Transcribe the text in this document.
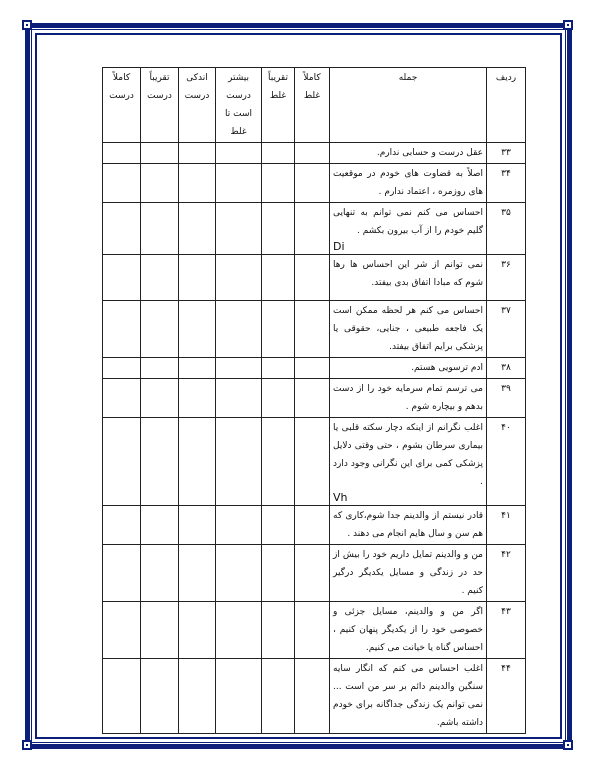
ردیف	جمله	کاملاً غلط	تقریباً غلط	بیشتر درست است تا غلط	اندکی درست	تقریباً درست	کاملاً درست
۳۳	عقل درست و حسابی ندارم.						
۳۴	اصلاً به قضاوت های خودم در موقعیت های روزمره ، اعتماد ندارم .						
۳۵	احساس می کنم نمی توانم به تنهایی گلیم خودم را از آب بیرون بکشم .
Di						

۳۶	نمی توانم از شر این احساس ها رها شوم که مبادا اتفاق بدی بیفتد.						
۳۷	احساس می کنم هر لحظه ممکن است یک فاجعه طبیعی ، جنایی، حقوقی یا پزشکی برایم اتفاق بیفتد.						
۳۸	ادم ترسویی هستم.						
۳۹	می ترسم تمام سرمایه خود را از دست بدهم و بیچاره شوم .						
۴۰	اغلب نگرانم از اینکه دچار سکته قلبی یا بیماری سرطان بشوم ، حتی وقتی دلایل پزشکی کمی برای این نگرانی وجود دارد .
Vh						

۴۱	قادر نیستم از والدینم جدا شوم،کاری که هم سن و سال هایم انجام می دهند .						
۴۲	من و والدینم تمایل داریم خود را بیش از حد در زندگی و مسایل یکدیگر درگیر کنیم .						
۴۳	اگر من و والدینم، مسایل جزئی و خصوصی خود را از یکدیگر پنهان کنیم ، احساس گناه یا خیانت می کنیم.						
۴۴	اغلب احساس می کنم که انگار سایه سنگین والدینم دائم بر سر من است ... نمی توانم یک زندگی جداگانه برای خودم داشته باشم.						
